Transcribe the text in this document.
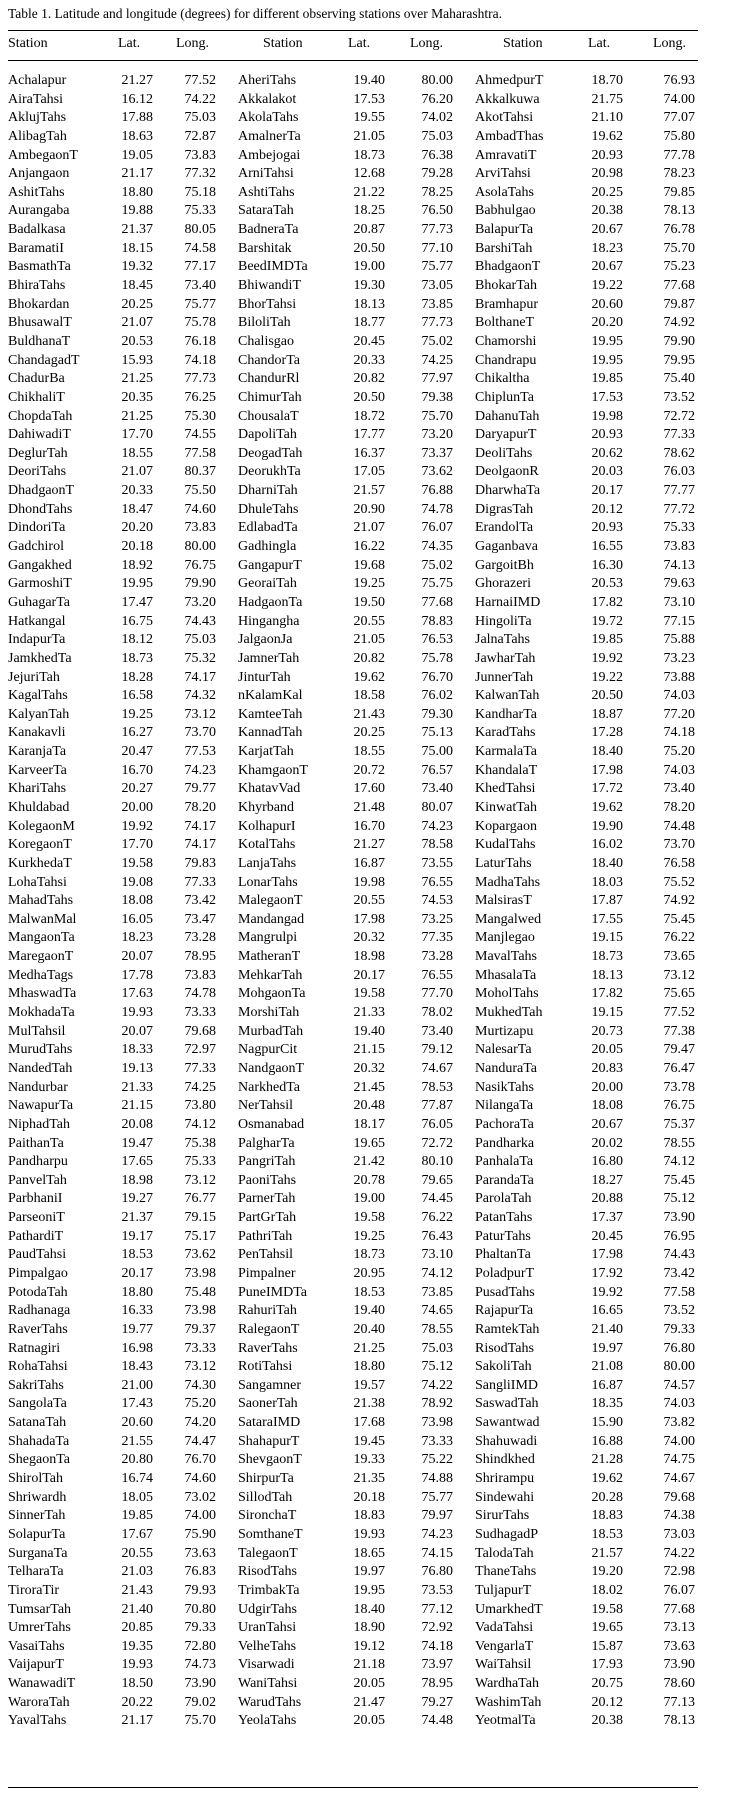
Table 1. Latitude and longitude (degrees) for different observing stations over Maharashtra.
Station	Lat.	Long.	Station	Lat.	Long.	Station	Lat.	Long.
Achalapur	21.27	77.52 AheriTahs	19.40	80.00 AhmedpurT	18.70	76.93
AiraTahsi	16.12	74.22 Akkalakot	17.53	76.20 Akkalkuwa	21.75	74.00
AklujTahs	17.88	75.03 AkolaTahs	19.55	74.02 AkotTahsi	21.10	77.07
AlibagTah	18.63	72.87 AmalnerTa	21.05	75.03 AmbadThas	19.62	75.80
AmbegaonT	19.05	73.83 Ambejogai	18.73	76.38 AmravatiT	20.93	77.78
Anjangaon	21.17	77.32 ArniTahsi	12.68	79.28 ArviTahsi	20.98	78.23
AshitTahs	18.80	75.18 AshtiTahs	21.22	78.25 AsolaTahs	20.25	79.85
Aurangaba	19.88	75.33 SataraTah	18.25	76.50 Babhulgao	20.38	78.13
Badalkasa	21.37	80.05 BadneraTa	20.87	77.73 BalapurTa	20.67	76.78
BaramatiI	18.15	74.58 Barshitak	20.50	77.10 BarshiTah	18.23	75.70
BasmathTa	19.32	77.17 BeedIMDTa	19.00	75.77 BhadgaonT	20.67	75.23
BhiraTahs	18.45	73.40 BhiwandiT	19.30	73.05 BhokarTah	19.22	77.68
Bhokardan	20.25	75.77 BhorTahsi	18.13	73.85 Bramhapur	20.60	79.87
BhusawalT	21.07	75.78 BiloliTah	18.77	77.73 BolthaneT	20.20	74.92
BuldhanaT	20.53	76.18 Chalisgao	20.45	75.02 Chamorshi	19.95	79.90
ChandagadT	15.93	74.18 ChandorTa	20.33	74.25 Chandrapu	19.95	79.95
ChadurBa	21.25	77.73 ChandurRl	20.82	77.97 Chikaltha	19.85	75.40
ChikhaliT	20.35	76.25 ChimurTah	20.50	79.38 ChiplunTa	17.53	73.52
ChopdaTah	21.25	75.30 ChousalaT	18.72	75.70 DahanuTah	19.98	72.72
DahiwadiT	17.70	74.55 DapoliTah	17.77	73.20 DaryapurT	20.93	77.33
DeglurTah	18.55	77.58 DeogadTah	16.37	73.37 DeoliTahs	20.62	78.62
DeoriTahs	21.07	80.37 DeorukhTa	17.05	73.62 DeolgaonR	20.03	76.03
DhadgaonT	20.33	75.50 DharniTah	21.57	76.88 DharwhaTa	20.17	77.77
DhondTahs	18.47	74.60 DhuleTahs	20.90	74.78 DigrasTah	20.12	77.72
DindoriTa	20.20	73.83 EdlabadTa	21.07	76.07 ErandolTa	20.93	75.33
Gadchirol	20.18	80.00 Gadhingla	16.22	74.35 Gaganbava	16.55	73.83
Gangakhed	18.92	76.75 GangapurT	19.68	75.02 GargoitBh	16.30	74.13
GarmoshiT	19.95	79.90 GeoraiTah	19.25	75.75 Ghorazeri	20.53	79.63
GuhagarTa	17.47	73.20 HadgaonTa	19.50	77.68 HarnaiIMD	17.82	73.10
Hatkangal	16.75	74.43 Hingangha	20.55	78.83 HingoliTa	19.72	77.15
IndapurTa	18.12	75.03 JalgaonJa	21.05	76.53 JalnaTahs	19.85	75.88
JamkhedTa	18.73	75.32 JamnerTah	20.82	75.78 JawharTah	19.92	73.23
JejuriTah	18.28	74.17 JinturTah	19.62	76.70 JunnerTah	19.22	73.88
KagalTahs	16.58	74.32 nKalamKal	18.58	76.02 KalwanTah	20.50	74.03
KalyanTah	19.25	73.12 KamteeTah	21.43	79.30 KandharTa	18.87	77.20
Kanakavli	16.27	73.70 KannadTah	20.25	75.13 KaradTahs	17.28	74.18
KaranjaTa	20.47	77.53 KarjatTah	18.55	75.00 KarmalaTa	18.40	75.20
KarveerTa	16.70	74.23 KhamgaonT	20.72	76.57 KhandalaT	17.98	74.03
KhariTahs	20.27	79.77 KhatavVad	17.60	73.40 KhedTahsi	17.72	73.40
Khuldabad	20.00	78.20 Khyrband	21.48	80.07 KinwatTah	19.62	78.20
KolegaonM	19.92	74.17 KolhapurI	16.70	74.23 Kopargaon	19.90	74.48
KoregaonT	17.70	74.17 KotalTahs	21.27	78.58 KudalTahs	16.02	73.70
KurkhedaT	19.58	79.83 LanjaTahs	16.87	73.55 LaturTahs	18.40	76.58
LohaTahsi	19.08	77.33 LonarTahs	19.98	76.55 MadhaTahs	18.03	75.52
MahadTahs	18.08	73.42 MalegaonT	20.55	74.53 MalsirasT	17.87	74.92
MalwanMal	16.05	73.47 Mandangad	17.98	73.25 Mangalwed	17.55	75.45
MangaonTa	18.23	73.28 Mangrulpi	20.32	77.35 Manjlegao	19.15	76.22
MaregaonT	20.07	78.95 MatheranT	18.98	73.28 MavalTahs	18.73	73.65
MedhaTags	17.78	73.83 MehkarTah	20.17	76.55 MhasalaTa	18.13	73.12
MhaswadTa	17.63	74.78 MohgaonTa	19.58	77.70 MoholTahs	17.82	75.65
MokhadaTa	19.93	73.33 MorshiTah	21.33	78.02 MukhedTah	19.15	77.52
MulTahsil	20.07	79.68 MurbadTah	19.40	73.40 Murtizapu	20.73	77.38
MurudTahs	18.33	72.97 NagpurCit	21.15	79.12 NalesarTa	20.05	79.47
NandedTah	19.13	77.33 NandgaonT	20.32	74.67 NanduraTa	20.83	76.47
Nandurbar	21.33	74.25 NarkhedTa	21.45	78.53 NasikTahs	20.00	73.78
NawapurTa	21.15	73.80 NerTahsil	20.48	77.87 NilangaTa	18.08	76.75
NiphadTah	20.08	74.12 Osmanabad	18.17	76.05 PachoraTa	20.67	75.37
PaithanTa	19.47	75.38 PalgharTa	19.65	72.72 Pandharka	20.02	78.55
Pandharpu	17.65	75.33 PangriTah	21.42	80.10 PanhalaTa	16.80	74.12
PanvelTah	18.98	73.12 PaoniTahs	20.78	79.65 ParandaTa	18.27	75.45
ParbhaniI	19.27	76.77 ParnerTah	19.00	74.45 ParolaTah	20.88	75.12
ParseoniT	21.37	79.15 PartGrTah	19.58	76.22 PatanTahs	17.37	73.90
PathardiT	19.17	75.17 PathriTah	19.25	76.43 PaturTahs	20.45	76.95
PaudTahsi	18.53	73.62 PenTahsil	18.73	73.10 PhaltanTa	17.98	74.43
Pimpalgao	20.17	73.98 Pimpalner	20.95	74.12 PoladpurT	17.92	73.42
PotodaTah	18.80	75.48 PuneIMDTa	18.53	73.85 PusadTahs	19.92	77.58
Radhanaga	16.33	73.98 RahuriTah	19.40	74.65 RajapurTa	16.65	73.52
RaverTahs	19.77	79.37 RalegaonT	20.40	78.55 RamtekTah	21.40	79.33
Ratnagiri	16.98	73.33 RaverTahs	21.25	75.03 RisodTahs	19.97	76.80
RohaTahsi	18.43	73.12 RotiTahsi	18.80	75.12 SakoliTah	21.08	80.00
SakriTahs	21.00	74.30 Sangamner	19.57	74.22 SangliIMD	16.87	74.57
SangolaTa	17.43	75.20 SaonerTah	21.38	78.92 SaswadTah	18.35	74.03
SatanaTah	20.60	74.20 SataraIMD	17.68	73.98 Sawantwad	15.90	73.82
ShahadaTa	21.55	74.47 ShahapurT	19.45	73.33 Shahuwadi	16.88	74.00
ShegaonTa	20.80	76.70 ShevgaonT	19.33	75.22 Shindkhed	21.28	74.75
ShirolTah	16.74	74.60 ShirpurTa	21.35	74.88 Shrirampu	19.62	74.67
Shriwardh	18.05	73.02 SillodTah	20.18	75.77 Sindewahi	20.28	79.68
SinnerTah	19.85	74.00 SironchaT	18.83	79.97 SirurTahs	18.83	74.38
SolapurTa	17.67	75.90 SomthaneT	19.93	74.23 SudhagadP	18.53	73.03
SurganaTa	20.55	73.63 TalegaonT	18.65	74.15 TalodaTah	21.57	74.22
TelharaTa	21.03	76.83 RisodTahs	19.97	76.80 ThaneTahs	19.20	72.98
TiroraTir	21.43	79.93 TrimbakTa	19.95	73.53 TuljapurT	18.02	76.07
TumsarTah	21.40	70.80 UdgirTahs	18.40	77.12 UmarkhedT	19.58	77.68
UmrerTahs	20.85	79.33 UranTahsi	18.90	72.92 VadaTahsi	19.65	73.13
VasaiTahs	19.35	72.80 VelheTahs	19.12	74.18 VengarlaT	15.87	73.63
VaijapurT	19.93	74.73 Visarwadi	21.18	73.97 WaiTahsil	17.93	73.90
WanawadiT	18.50	73.90 WaniTahsi	20.05	78.95 WardhaTah	20.75	78.60
WaroraTah	20.22	79.02 WarudTahs	21.47	79.27 WashimTah	20.12	77.13
YavalTahs	21.17	75.70 YeolaTahs	20.05	74.48 YeotmalTa	20.38	78.13
